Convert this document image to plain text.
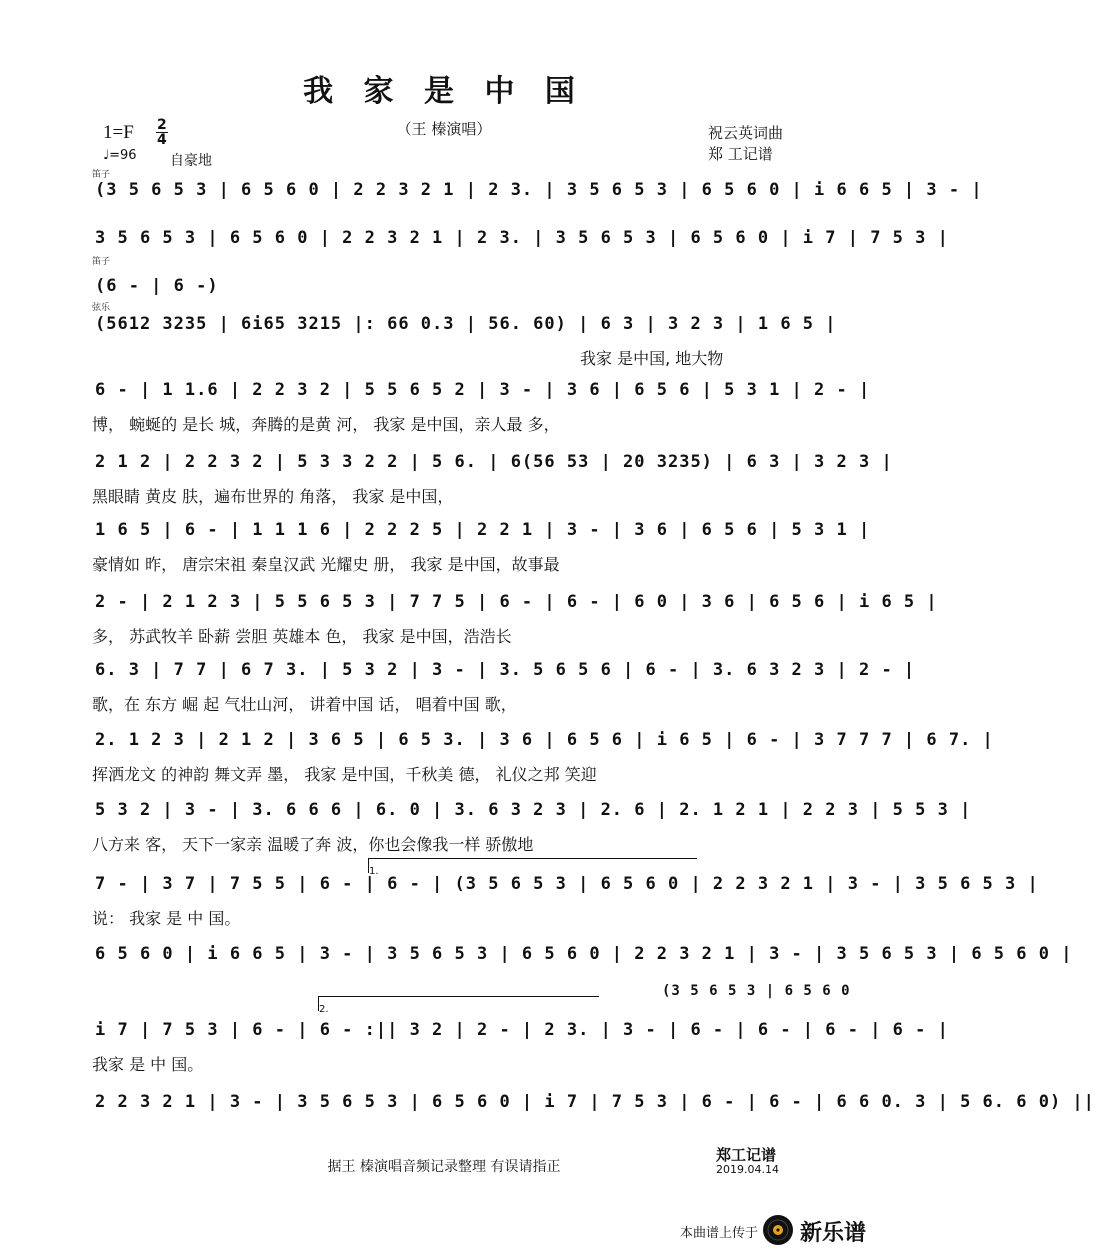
我 家 是 中 国
（王 榛演唱）
1=F 2
4
♩=96 自豪地
祝云英词曲
郑 工记谱
笛子
笛子
弦乐
(3 5 6 5 3 | 6 5 6 0 | 2 2 3 2 1 | 2 3. | 3 5 6 5 3 | 6 5 6 0 | i 6 6 5 | 3 - |
3 5 6 5 3 | 6 5 6 0 | 2 2 3 2 1 | 2 3. | 3 5 6 5 3 | 6 5 6 0 | i 7 | 7 5 3 |
(6 - | 6 -)
(5612 3235 | 6i65 3215 |: 66 0.3 | 56. 60) | 6 3 | 3 2 3 | 1 6 5 |
我家 是中国, 地大物
6 - | 1 1.6 | 2 2 3 2 | 5 5 6 5 2 | 3 - | 3 6 | 6 5 6 | 5 3 1 | 2 - |
博， 蜿蜒的 是长 城，奔腾的是黄 河， 我家 是中国，亲人最 多，
2 1 2 | 2 2 3 2 | 5 3 3 2 2 | 5 6. | 6(56 53 | 20 3235) | 6 3 | 3 2 3 |
黑眼睛 黄皮 肤，遍布世界的 角落， 我家 是中国，
1 6 5 | 6 - | 1 1 1 6 | 2 2 2 5 | 2 2 1 | 3 - | 3 6 | 6 5 6 | 5 3 1 |
豪情如 昨， 唐宗宋祖 秦皇汉武 光耀史 册， 我家 是中国，故事最
2 - | 2 1 2 3 | 5 5 6 5 3 | 7 7 5 | 6 - | 6 - | 6 0 | 3 6 | 6 5 6 | i 6 5 |
多， 苏武牧羊 卧薪 尝胆 英雄本 色， 我家 是中国，浩浩长
6. 3 | 7 7 | 6 7 3. | 5 3 2 | 3 - | 3. 5 6 5 6 | 6 - | 3. 6 3 2 3 | 2 - |
歌，在 东方 崛 起 气壮山河， 讲着中国 话， 唱着中国 歌，
2. 1 2 3 | 2 1 2 | 3 6 5 | 6 5 3. | 3 6 | 6 5 6 | i 6 5 | 6 - | 3 7 7 7 | 6 7. |
挥洒龙文 的神韵 舞文弄 墨， 我家 是中国，千秋美 德， 礼仪之邦 笑迎
5 3 2 | 3 - | 3. 6 6 6 | 6. 0 | 3. 6 3 2 3 | 2. 6 | 2. 1 2 1 | 2 2 3 | 5 5 3 |
八方来 客， 天下一家亲 温暖了奔 波，你也会像我一样 骄傲地
7 - | 3 7 | 7 5 5 | 6 - | 6 - | (3 5 6 5 3 | 6 5 6 0 | 2 2 3 2 1 | 3 - | 3 5 6 5 3 |
说： 我家 是 中 国。
6 5 6 0 | i 6 6 5 | 3 - | 3 5 6 5 3 | 6 5 6 0 | 2 2 3 2 1 | 3 - | 3 5 6 5 3 | 6 5 6 0 |
i 7 | 7 5 3 | 6 - | 6 - :|| 3 2 | 2 - | 2 3. | 3 - | 6 - | 6 - | 6 - | 6 - |
我家 是 中 国。
2 2 3 2 1 | 3 - | 3 5 6 5 3 | 6 5 6 0 | i 7 | 7 5 3 | 6 - | 6 - | 6 6 0. 3 | 5 6. 6 0) ||
1.
2.
(3 5 6 5 3 | 6 5 6 0
据王 榛演唱音频记录整理 有误请指正
郑工记谱
2019.04.14
本曲谱上传于 新乐谱
